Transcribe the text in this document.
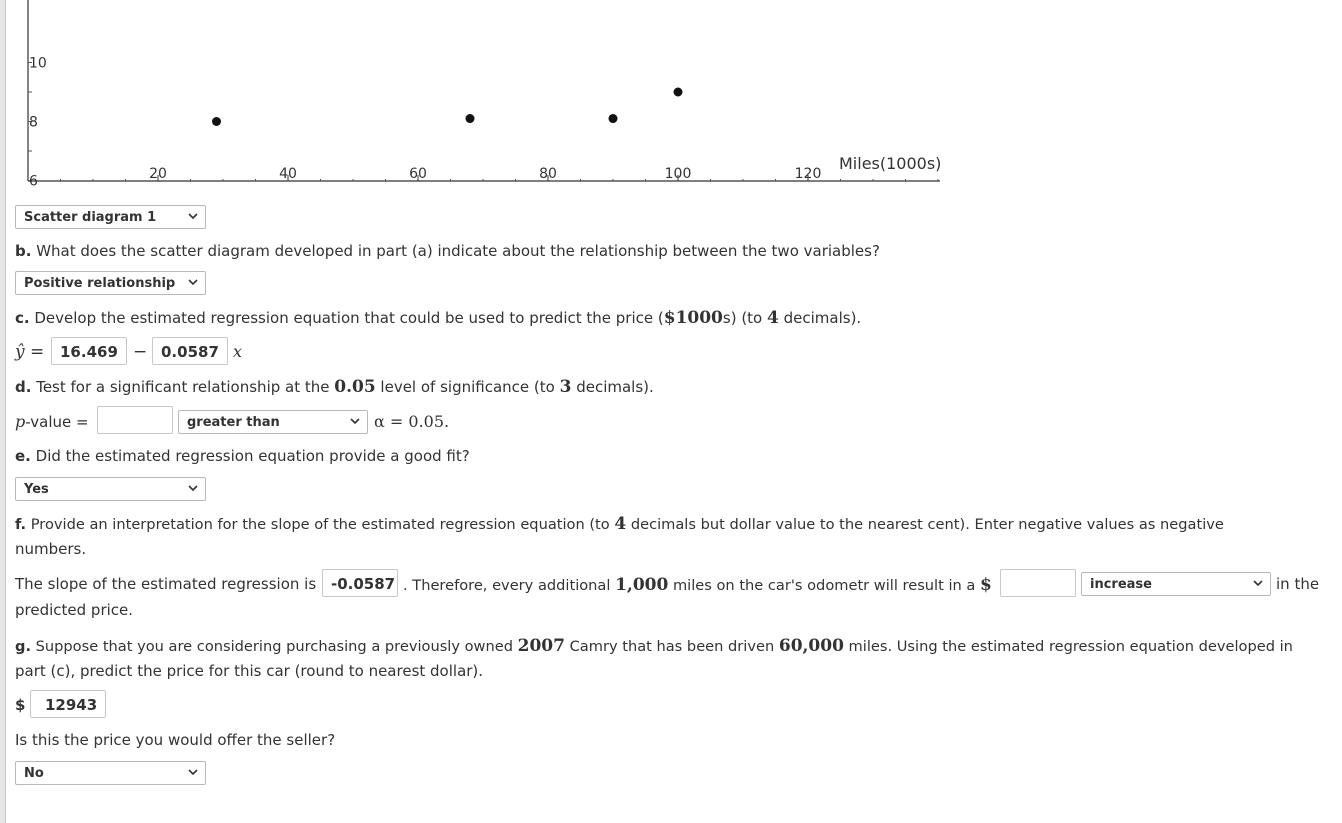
20	40	60	80	100	120
10
8
6
Miles(1000s)
Scatter diagram 1
b. What does the scatter diagram developed in part (a) indicate about the relationship between the two variables?
Positive relationship
c. Develop the estimated regression equation that could be used to predict the price ($1000s) (to 4 decimals).
ŷ =	16.469 − 0.0587 x
d. Test for a significant relationship at the 0.05 level of significance (to 3 decimals).
p-value =	greater than	α = 0.05.
e. Did the estimated regression equation provide a good fit?
Yes
f. Provide an interpretation for the slope of the estimated regression equation (to 4 decimals but dollar value to the nearest cent). Enter negative values as negative
numbers.
The slope of the estimated regression is -0.0587 . Therefore, every additional 1,000 miles on the car's odometr will result in a $	increase	in the
predicted price.
g. Suppose that you are considering purchasing a previously owned 2007 Camry that has been driven 60,000 miles. Using the estimated regression equation developed in
part (c), predict the price for this car (round to nearest dollar).
$	12943
Is this the price you would offer the seller?
No
